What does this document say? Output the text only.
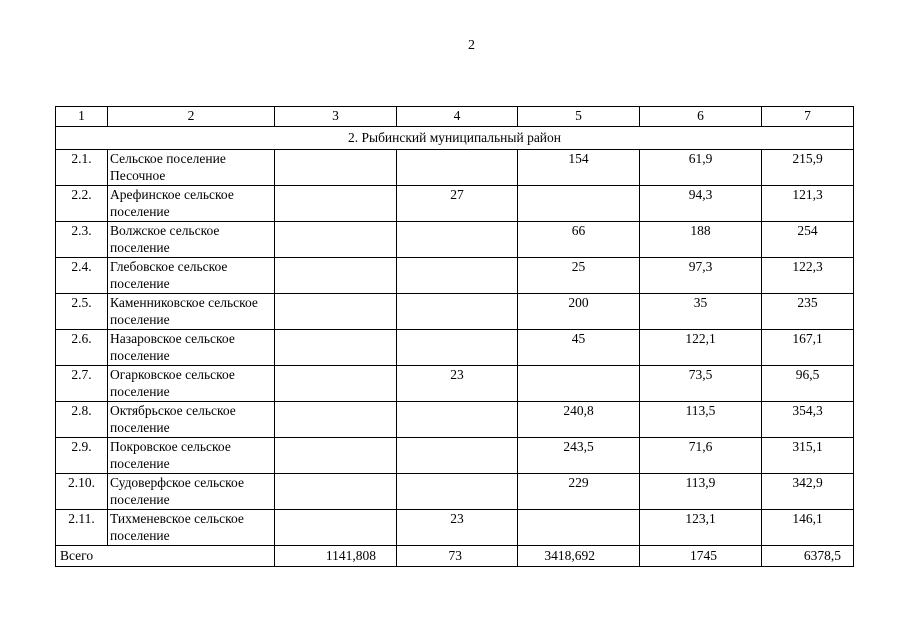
2
1	2	3	4	5	6	7
2. Рыбинский муниципальный район						
2.1.	Сельское поселение Песочное			154	61,9	215,9
2.2.	Арефинское сельское поселение		27		94,3	121,3
2.3.	Волжское сельское поселение			66	188	254
2.4.	Глебовское сельское поселение			25	97,3	122,3
2.5.	Каменниковское сельское поселение			200	35	235
2.6.	Назаровское сельское поселение			45	122,1	167,1
2.7.	Огарковское сельское поселение		23		73,5	96,5
2.8.	Октябрьское сельское поселение			240,8	113,5	354,3
2.9.	Покровское сельское поселение			243,5	71,6	315,1
2.10.	Судоверфское сельское поселение			229	113,9	342,9
2.11.	Тихменевское сельское поселение		23		123,1	146,1
Всего		1141,808	73	3418,692	1745	6378,5
